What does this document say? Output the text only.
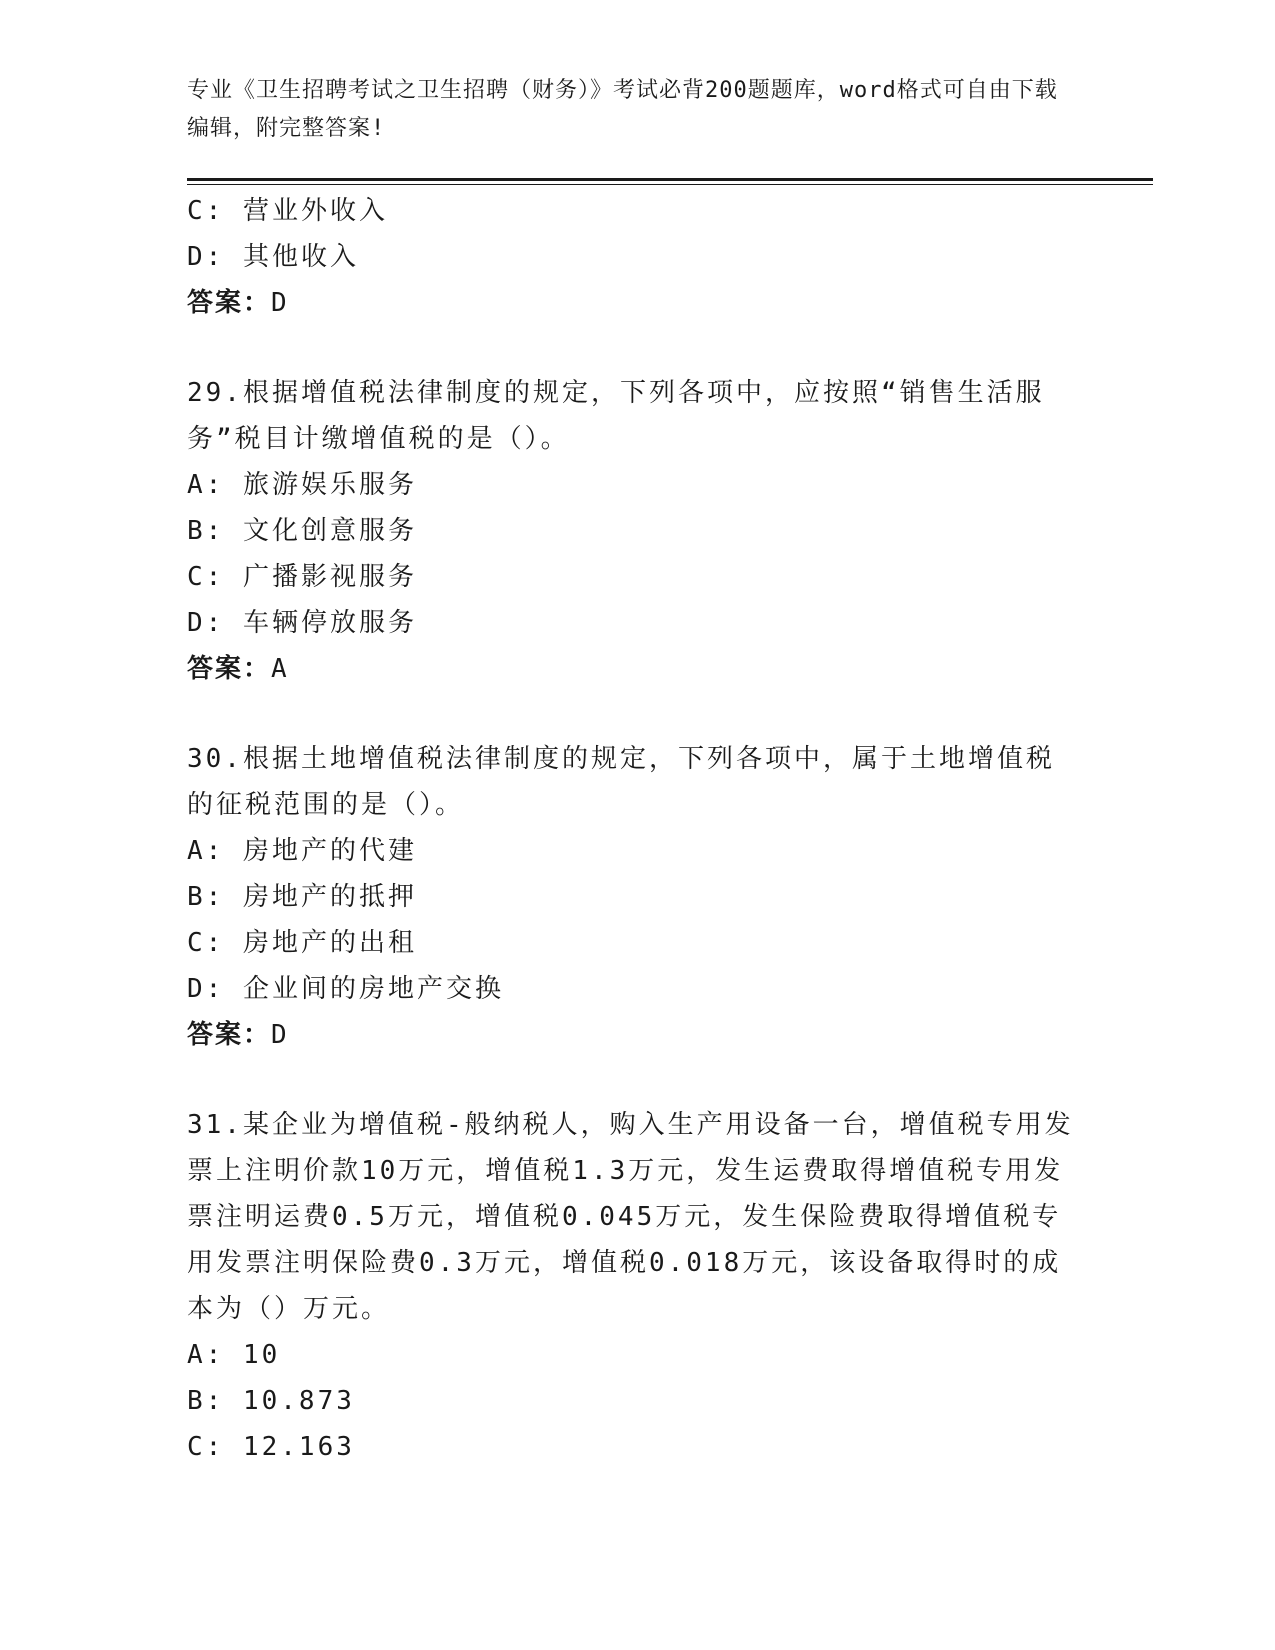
专业《卫生招聘考试之卫生招聘（财务）》考试必背200题题库，word格式可自由下载编辑，附完整答案!
C: 营业外收入
D: 其他收入
答案：D
29.根据增值税法律制度的规定，下列各项中，应按照“销售生活服务”税目计缴增值税的是（）。
A: 旅游娱乐服务
B: 文化创意服务
C: 广播影视服务
D: 车辆停放服务
答案：A
30.根据土地增值税法律制度的规定，下列各项中，属于土地增值税的征税范围的是（）。
A: 房地产的代建
B: 房地产的抵押
C: 房地产的出租
D: 企业间的房地产交换
答案：D
31.某企业为增值税-般纳税人，购入生产用设备一台，增值税专用发票上注明价款10万元，增值税1.3万元，发生运费取得增值税专用发票注明运费0.5万元，增值税0.045万元，发生保险费取得增值税专用发票注明保险费0.3万元，增值税0.018万元，该设备取得时的成本为（）万元。
A: 10
B: 10.873
C: 12.163
